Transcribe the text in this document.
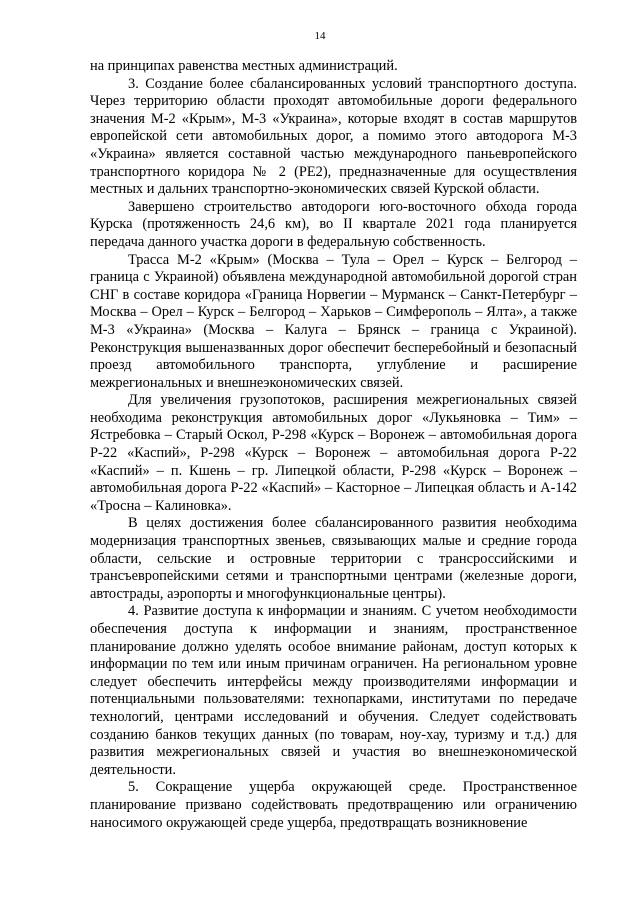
14

на принципах равенства местных администраций.

3. Создание более сбалансированных условий транспортного доступа. Через территорию области проходят автомобильные дороги федерального значения М-2 «Крым», М-3 «Украина», которые входят в состав маршрутов европейской сети автомобильных дорог, а помимо этого автодорога М-3 «Украина» является составной частью международного паньевропейского транспортного коридора № 2 (PE2), предназначенные для осуществления местных и дальних транспортно-экономических связей Курской области.

Завершено строительство автодороги юго-восточного обхода города Курска (протяженность 24,6 км), во II квартале 2021 года планируется передача данного участка дороги в федеральную собственность.

Трасса М-2 «Крым» (Москва – Тула – Орел – Курск – Белгород – граница с Украиной) объявлена международной автомобильной дорогой стран СНГ в составе коридора «Граница Норвегии – Мурманск – Санкт-Петербург – Москва – Орел – Курск – Белгород – Харьков – Симферополь – Ялта», а также М-3 «Украина» (Москва – Калуга – Брянск – граница с Украиной). Реконструкция вышеназванных дорог обеспечит бесперебойный и безопасный проезд автомобильного транспорта, углубление и расширение межрегиональных и внешнеэкономических связей.

Для увеличения грузопотоков, расширения межрегиональных связей необходима реконструкция автомобильных дорог «Лукьяновка – Тим» – Ястребовка – Старый Оскол, Р-298 «Курск – Воронеж – автомобильная дорога Р-22 «Каспий», Р-298 «Курск – Воронеж – автомобильная дорога Р-22 «Каспий» – п. Кшень – гр. Липецкой области, Р-298 «Курск – Воронеж – автомобильная дорога Р-22 «Каспий» – Касторное – Липецкая область и А-142 «Тросна – Калиновка».

В целях достижения более сбалансированного развития необходима модернизация транспортных звеньев, связывающих малые и средние города области, сельские и островные территории с трансроссийскими и трансъевропейскими сетями и транспортными центрами (железные дороги, автострады, аэропорты и многофункциональные центры).

4. Развитие доступа к информации и знаниям. С учетом необходимости обеспечения доступа к информации и знаниям, пространственное планирование должно уделять особое внимание районам, доступ которых к информации по тем или иным причинам ограничен. На региональном уровне следует обеспечить интерфейсы между производителями информации и потенциальными пользователями: технопарками, институтами по передаче технологий, центрами исследований и обучения. Следует содействовать созданию банков текущих данных (по товарам, ноу-хау, туризму и т.д.) для развития межрегиональных связей и участия во внешнеэкономической деятельности.

5. Сокращение ущерба окружающей среде. Пространственное планирование призвано содействовать предотвращению или ограничению наносимого окружающей среде ущерба, предотвращать возникновение
